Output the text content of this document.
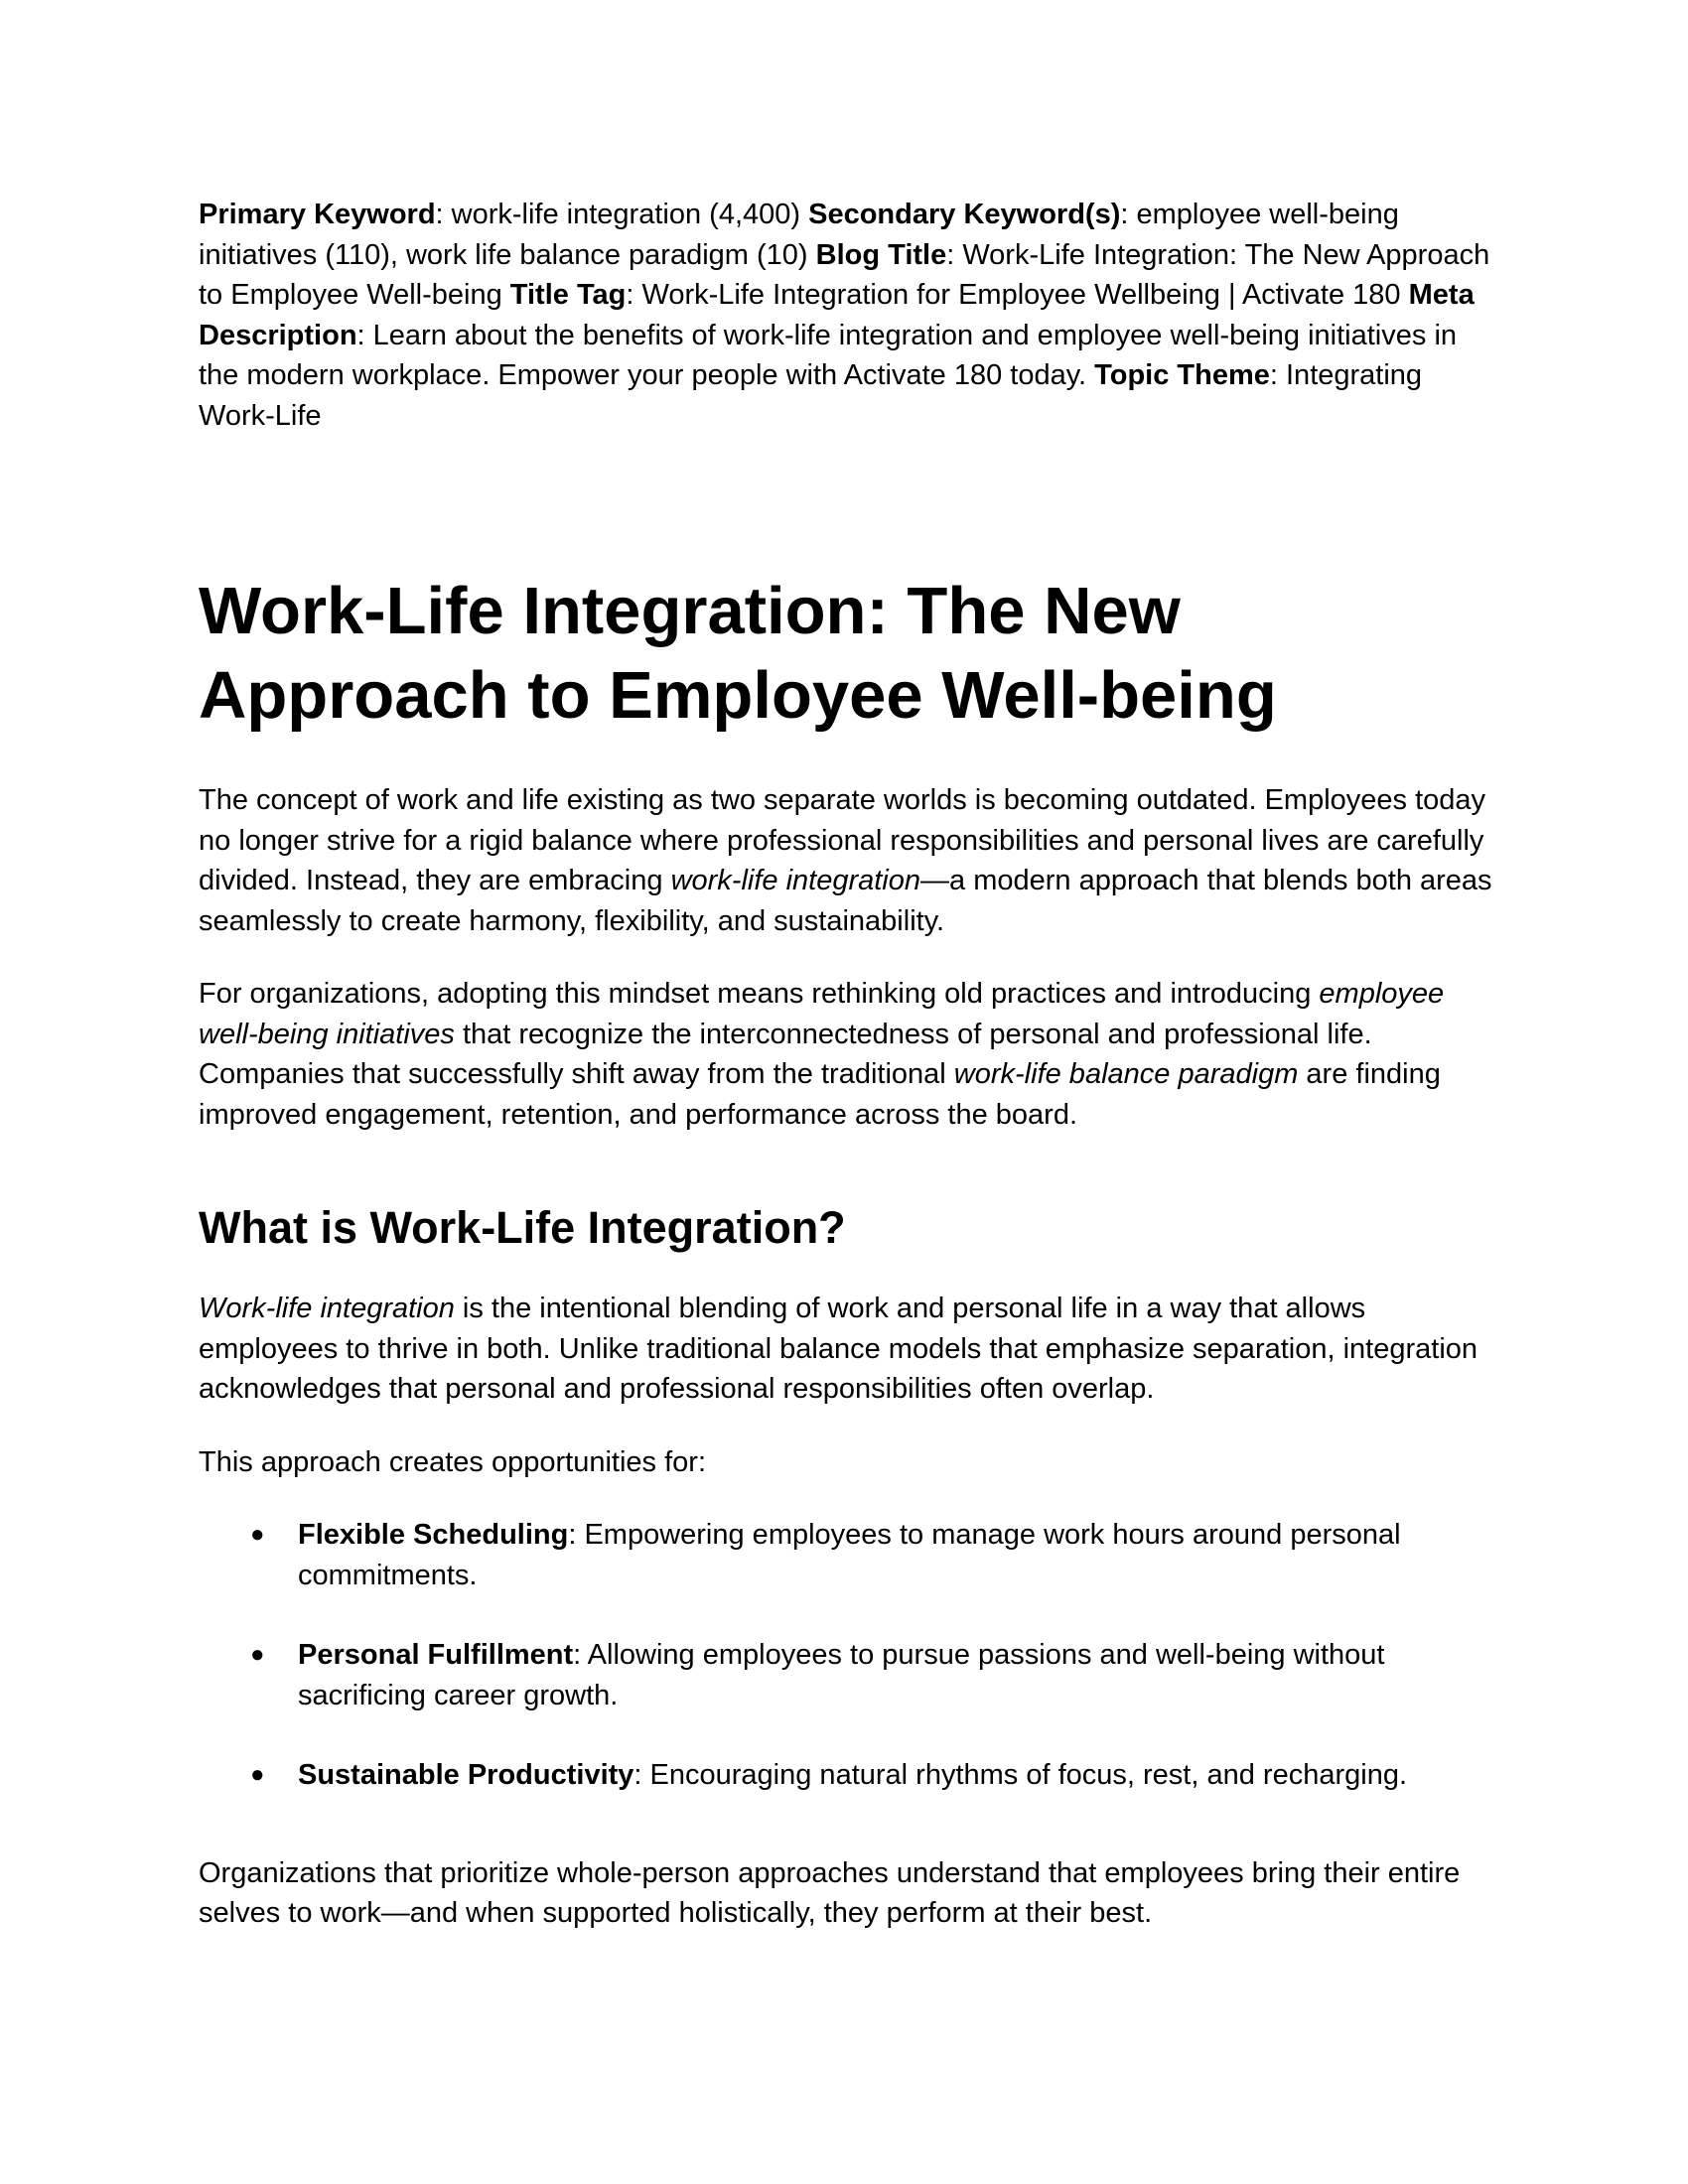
Primary Keyword: work-life integration (4,400) Secondary Keyword(s): employee well-being initiatives (110), work life balance paradigm (10) Blog Title: Work-Life Integration: The New Approach to Employee Well-being Title Tag: Work-Life Integration for Employee Wellbeing | Activate 180 Meta Description: Learn about the benefits of work-life integration and employee well-being initiatives in the modern workplace. Empower your people with Activate 180 today. Topic Theme: Integrating Work-Life

Work-Life Integration: The New Approach to Employee Well-being

The concept of work and life existing as two separate worlds is becoming outdated. Employees today no longer strive for a rigid balance where professional responsibilities and personal lives are carefully divided. Instead, they are embracing work-life integration—a modern approach that blends both areas seamlessly to create harmony, flexibility, and sustainability.

For organizations, adopting this mindset means rethinking old practices and introducing employee well-being initiatives that recognize the interconnectedness of personal and professional life. Companies that successfully shift away from the traditional work-life balance paradigm are finding improved engagement, retention, and performance across the board.

What is Work-Life Integration?

Work-life integration is the intentional blending of work and personal life in a way that allows employees to thrive in both. Unlike traditional balance models that emphasize separation, integration acknowledges that personal and professional responsibilities often overlap.

This approach creates opportunities for:

● Flexible Scheduling: Empowering employees to manage work hours around personal commitments.
● Personal Fulfillment: Allowing employees to pursue passions and well-being without sacrificing career growth.
● Sustainable Productivity: Encouraging natural rhythms of focus, rest, and recharging.

Organizations that prioritize whole-person approaches understand that employees bring their entire selves to work—and when supported holistically, they perform at their best.
